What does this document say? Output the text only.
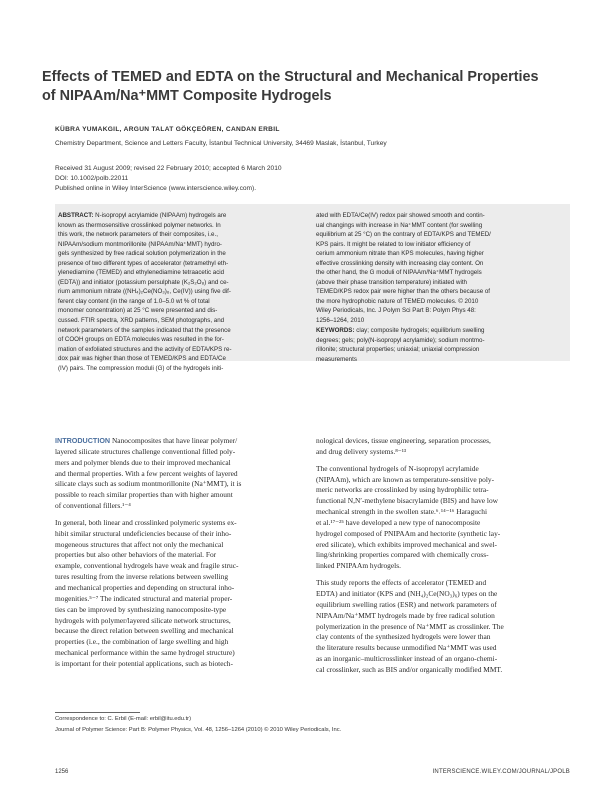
Effects of TEMED and EDTA on the Structural and Mechanical Properties
of NIPAAm/Na⁺MMT Composite Hydrogels
KÜBRA YUMAKGIL, ARGUN TALAT GÖKÇEÖREN, CANDAN ERBIL
Chemistry Department, Science and Letters Faculty, İstanbul Technical University, 34469 Maslak, İstanbul, Turkey
Received 31 August 2009; revised 22 February 2010; accepted 6 March 2010
DOI: 10.1002/polb.22011
Published online in Wiley InterScience (www.interscience.wiley.com).
ABSTRACT: N-isopropyl acrylamide (NIPAAm) hydrogels are
known as thermosensitive crosslinked polymer networks. In
this work, the network parameters of their composites, i.e.,
NIPAAm/sodium montmorillonite (NIPAAm/Na⁺MMT) hydro-
gels synthesized by free radical solution polymerization in the
presence of two different types of accelerator (tetramethyl eth-
ylenediamine (TEMED) and ethylenediamine tetraacetic acid
(EDTA)) and initiator (potassium persulphate (K₂S₂O₈) and ce-
rium ammonium nitrate ((NH₄)₂Ce(NO₃)₆, Ce(IV)) using five dif-
ferent clay content (in the range of 1.0–5.0 wt % of total
monomer concentration) at 25 °C were presented and dis-
cussed. FTIR spectra, XRD patterns, SEM photographs, and
network parameters of the samples indicated that the presence
of COOH groups on EDTA molecules was resulted in the for-
mation of exfoliated structures and the activity of EDTA/KPS re-
dox pair was higher than those of TEMED/KPS and EDTA/Ce
(IV) pairs. The compression moduli (G) of the hydrogels initi-
ated with EDTA/Ce(IV) redox pair showed smooth and contin-
ual changings with increase in Na⁺MMT content (for swelling
equilibrium at 25 °C) on the contrary of EDTA/KPS and TEMED/
KPS pairs. It might be related to low initiator efficiency of
cerium ammonium nitrate than KPS molecules, having higher
effective crosslinking density with increasing clay content. On
the other hand, the G moduli of NIPAAm/Na⁺MMT hydrogels
(above their phase transition temperature) initiated with
TEMED/KPS redox pair were higher than the others because of
the more hydrophobic nature of TEMED molecules. © 2010
Wiley Periodicals, Inc. J Polym Sci Part B: Polym Phys 48:
1256–1264, 2010
KEYWORDS: clay; composite hydrogels; equilibrium swelling
degrees; gels; poly(N-isopropyl acrylamide); sodium montmo-
rillonite; structural properties; uniaxial; uniaxial compression
measurements
INTRODUCTION Nanocomposites that have linear polymer/
layered silicate structures challenge conventional filled poly-
mers and polymer blends due to their improved mechanical
and thermal properties. With a few percent weights of layered
silicate clays such as sodium montmorillonite (Na⁺MMT), it is
possible to reach similar properties than with higher amount
of conventional fillers.¹⁻⁴
In general, both linear and crosslinked polymeric systems ex-
hibit similar structural undeficiencies because of their inho-
mogeneous structures that affect not only the mechanical
properties but also other behaviors of the material. For
example, conventional hydrogels have weak and fragile struc-
tures resulting from the inverse relations between swelling
and mechanical properties and depending on structural inho-
mogenities.⁵⁻⁷ The indicated structural and material proper-
ties can be improved by synthesizing nanocomposite-type
hydrogels with polymer/layered silicate network structures,
because the direct relation between swelling and mechanical
properties (i.e., the combination of large swelling and high
mechanical performance within the same hydrogel structure)
is important for their potential applications, such as biotech-
nological devices, tissue engineering, separation processes,
and drug delivery systems.⁸⁻¹³
The conventional hydrogels of N-isopropyl acrylamide
(NIPAAm), which are known as temperature-sensitive poly-
meric networks are crosslinked by using hydrophilic tetra-
functional N,N′-methylene bisacrylamide (BIS) and have low
mechanical strength in the swollen state.⁶˒¹⁴⁻¹⁶ Haraguchi
et al.¹⁷⁻²⁵ have developed a new type of nanocomposite
hydrogel composed of PNIPAAm and hectorite (synthetic lay-
ered silicate), which exhibits improved mechanical and swel-
ling/shrinking properties compared with chemically cross-
linked PNIPAAm hydrogels.
This study reports the effects of accelerator (TEMED and
EDTA) and initiator (KPS and (NH₄)₂Ce(NO₃)₆) types on the
equilibrium swelling ratios (ESR) and network parameters of
NIPAAm/Na⁺MMT hydrogels made by free radical solution
polymerization in the presence of Na⁺MMT as crosslinker. The
clay contents of the synthesized hydrogels were lower than
the literature results because unmodified Na⁺MMT was used
as an inorganic–multicrosslinker instead of an organo-chemi-
cal crosslinker, such as BIS and/or organically modified MMT.
Correspondence to: C. Erbil (E-mail: erbil@itu.edu.tr)
Journal of Polymer Science: Part B: Polymer Physics, Vol. 48, 1256–1264 (2010) © 2010 Wiley Periodicals, Inc.
1256	INTERSCIENCE.WILEY.COM/JOURNAL/JPOLB
